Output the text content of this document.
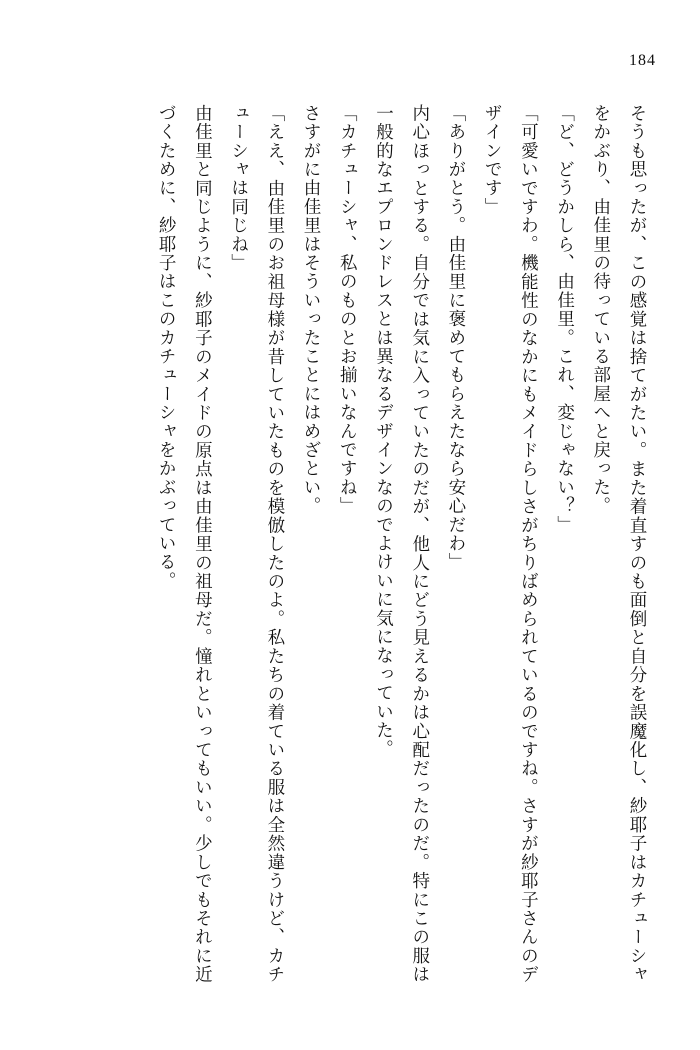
184

そうも思ったが、この感覚は捨てがたい。また着直すのも面倒と自分を誤魔化し、紗耶子はカチューシャをかぶり、由佳里の待っている部屋へと戻った。

「ど、どうかしら、由佳里。これ、変じゃない？」

「可愛いですわ。機能性のなかにもメイドらしさがちりばめられているのですね。さすが紗耶子さんのデザインです」

「ありがとう。由佳里に褒めてもらえたなら安心だわ」

内心ほっとする。自分では気に入っていたのだが、他人にどう見えるかは心配だったのだ。特にこの服は一般的なエプロンドレスとは異なるデザインなのでよけいに気になっていた。

「カチューシャ、私のものとお揃いなんですね」

さすがに由佳里はそういったことにはめざとい。

「ええ、由佳里のお祖母様が昔していたものを模倣したのよ。私たちの着ている服は全然違うけど、カチューシャは同じね」

由佳里と同じように、紗耶子のメイドの原点は由佳里の祖母だ。憧れといってもいい。少しでもそれに近づくために、紗耶子はこのカチューシャをかぶっている。
